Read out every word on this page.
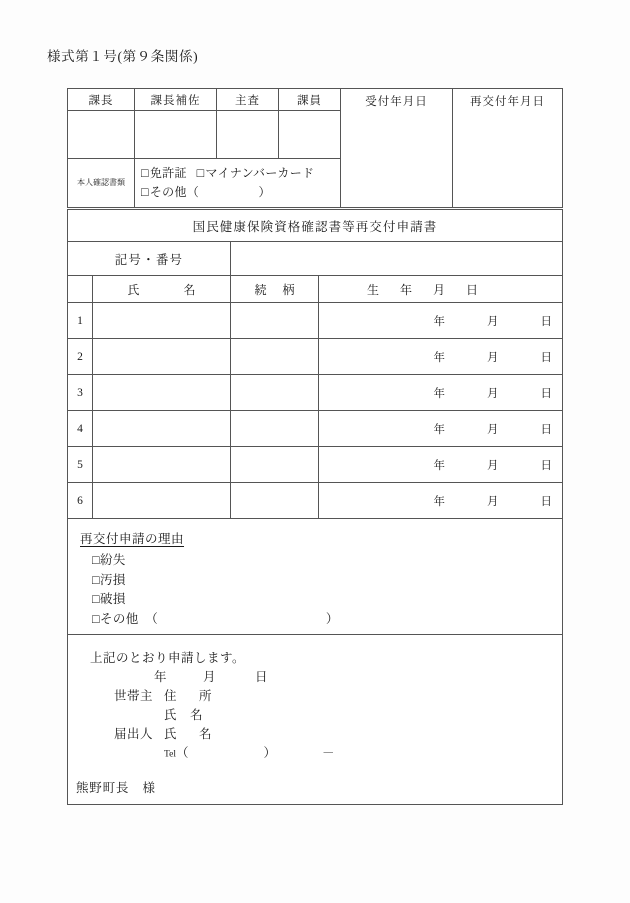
様式第１号(第９条関係)
課長	課長補佐	主査	課員	受付年月日	再交付年月日

本人確認書類	□免許証 □マイナンバーカード
□その他（ ）				
国民健康保険資格確認書等再交付申請書			
記号・番号			
	氏 名	続 柄	生 年 月 日

1			年 月 日

2			年 月 日

3			年 月 日

4			年 月 日

5			年 月 日

6			年 月 日

再交付申請の理由
□紛失
□汚損
□破損
□その他　（　　　　　　　　　　　　　）

上記のとおり申請します。
年	月	日
世帯主 住　所
氏　名
届出人 氏　名
Tel（　　　　　　）	－
熊野町長　様
